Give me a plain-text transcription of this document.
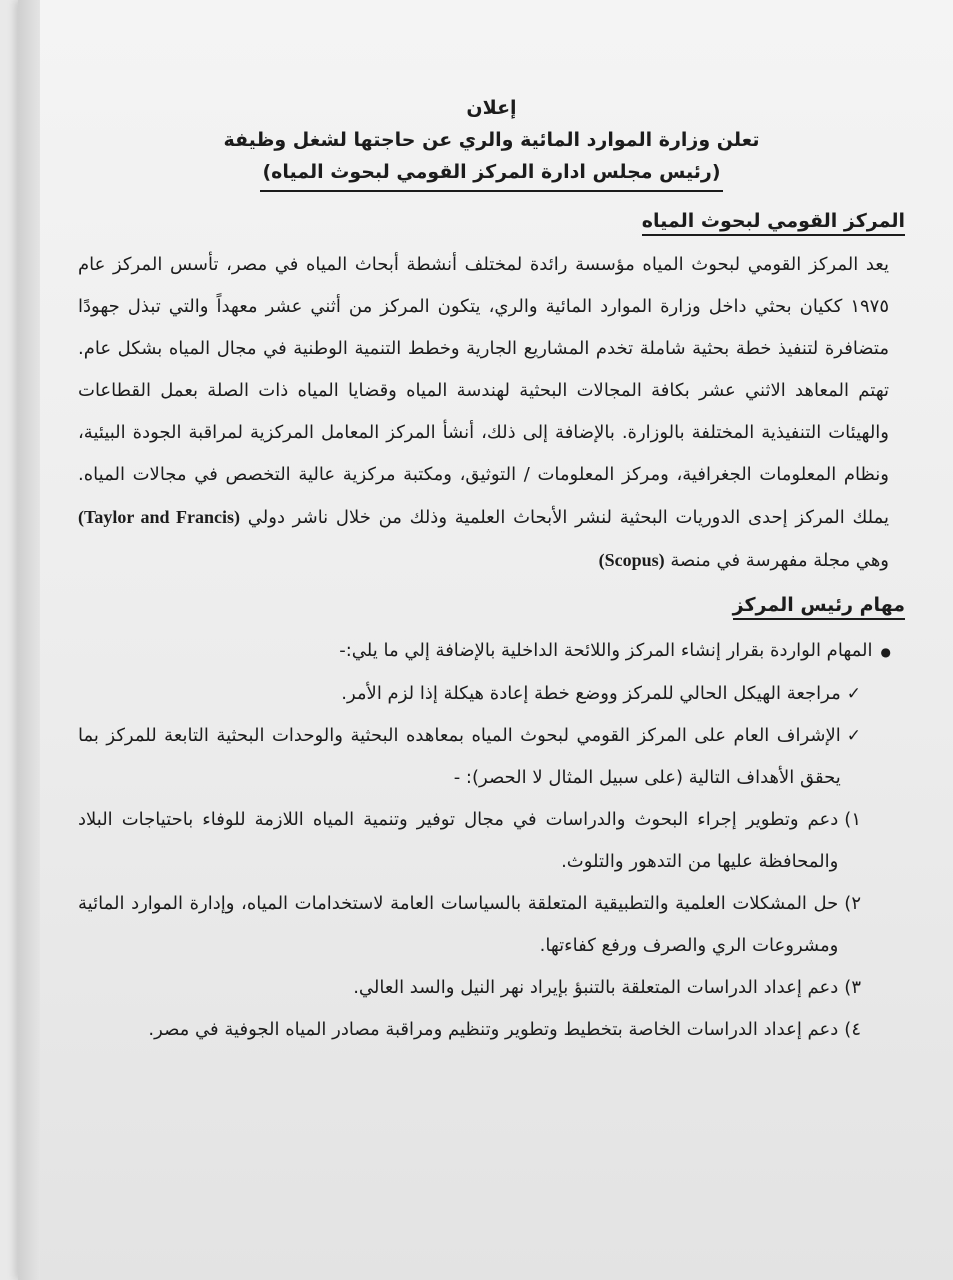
إعلان
تعلن وزارة الموارد المائية والري عن حاجتها لشغل وظيفة
(رئيس مجلس ادارة المركز القومي لبحوث المياه)
المركز القومي لبحوث المياه
يعد المركز القومي لبحوث المياه مؤسسة رائدة لمختلف أنشطة أبحاث المياه في مصر، تأسس المركز عام ١٩٧٥ ككيان بحثي داخل وزارة الموارد المائية والري، يتكون المركز من أثني عشر معهداً والتي تبذل جهودًا متضافرة لتنفيذ خطة بحثية شاملة تخدم المشاريع الجارية وخطط التنمية الوطنية في مجال المياه بشكل عام. تهتم المعاهد الاثني عشر بكافة المجالات البحثية لهندسة المياه وقضايا المياه ذات الصلة بعمل القطاعات والهيئات التنفيذية المختلفة بالوزارة. بالإضافة إلى ذلك، أنشأ المركز المعامل المركزية لمراقبة الجودة البيئية، ونظام المعلومات الجغرافية، ومركز المعلومات / التوثيق، ومكتبة مركزية عالية التخصص في مجالات المياه. يملك المركز إحدى الدوريات البحثية لنشر الأبحاث العلمية وذلك من خلال ناشر دولي (Taylor and Francis) وهي مجلة مفهرسة في منصة (Scopus)
مهام رئيس المركز
●
المهام الواردة بقرار إنشاء المركز واللائحة الداخلية بالإضافة إلي ما يلي:-
✓
مراجعة الهيكل الحالي للمركز ووضع خطة إعادة هيكلة إذا لزم الأمر.
✓
الإشراف العام على المركز القومي لبحوث المياه بمعاهده البحثية والوحدات البحثية التابعة للمركز بما يحقق الأهداف التالية (على سبيل المثال لا الحصر): -
١)
دعم وتطوير إجراء البحوث والدراسات في مجال توفير وتنمية المياه اللازمة للوفاء باحتياجات البلاد والمحافظة عليها من التدهور والتلوث.
٢)
حل المشكلات العلمية والتطبيقية المتعلقة بالسياسات العامة لاستخدامات المياه، وإدارة الموارد المائية ومشروعات الري والصرف ورفع كفاءتها.
٣)
دعم إعداد الدراسات المتعلقة بالتنبؤ بإيراد نهر النيل والسد العالي.
٤)
دعم إعداد الدراسات الخاصة بتخطيط وتطوير وتنظيم ومراقبة مصادر المياه الجوفية في مصر.
